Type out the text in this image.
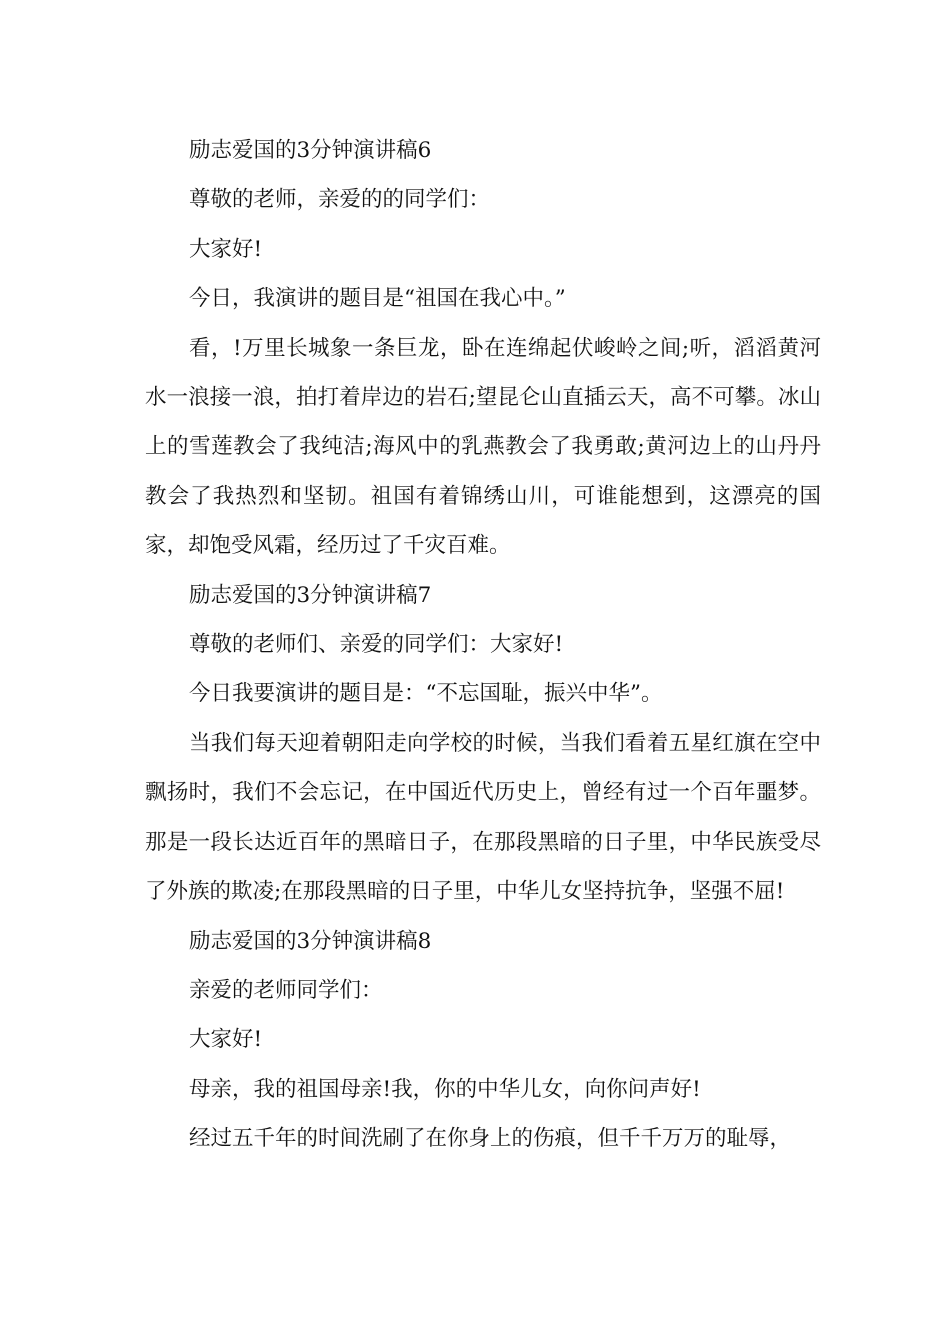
励志爱国的3分钟演讲稿6

尊敬的老师，亲爱的的同学们：

大家好!

今日，我演讲的题目是“祖国在我心中。”

看，!万里长城象一条巨龙，卧在连绵起伏峻岭之间;听，滔滔黄河水一浪接一浪，拍打着岸边的岩石;望昆仑山直插云天，高不可攀。冰山上的雪莲教会了我纯洁;海风中的乳燕教会了我勇敢;黄河边上的山丹丹教会了我热烈和坚韧。祖国有着锦绣山川，可谁能想到，这漂亮的国家，却饱受风霜，经历过了千灾百难。

励志爱国的3分钟演讲稿7

尊敬的老师们、亲爱的同学们：大家好!

今日我要演讲的题目是：“不忘国耻，振兴中华”。

当我们每天迎着朝阳走向学校的时候，当我们看着五星红旗在空中飘扬时，我们不会忘记，在中国近代历史上，曾经有过一个百年噩梦。那是一段长达近百年的黑暗日子，在那段黑暗的日子里，中华民族受尽了外族的欺凌;在那段黑暗的日子里，中华儿女坚持抗争，坚强不屈!

励志爱国的3分钟演讲稿8

亲爱的老师同学们：

大家好!

母亲，我的祖国母亲!我，你的中华儿女，向你问声好!

经过五千年的时间洗刷了在你身上的伤痕，但千千万万的耻辱，
